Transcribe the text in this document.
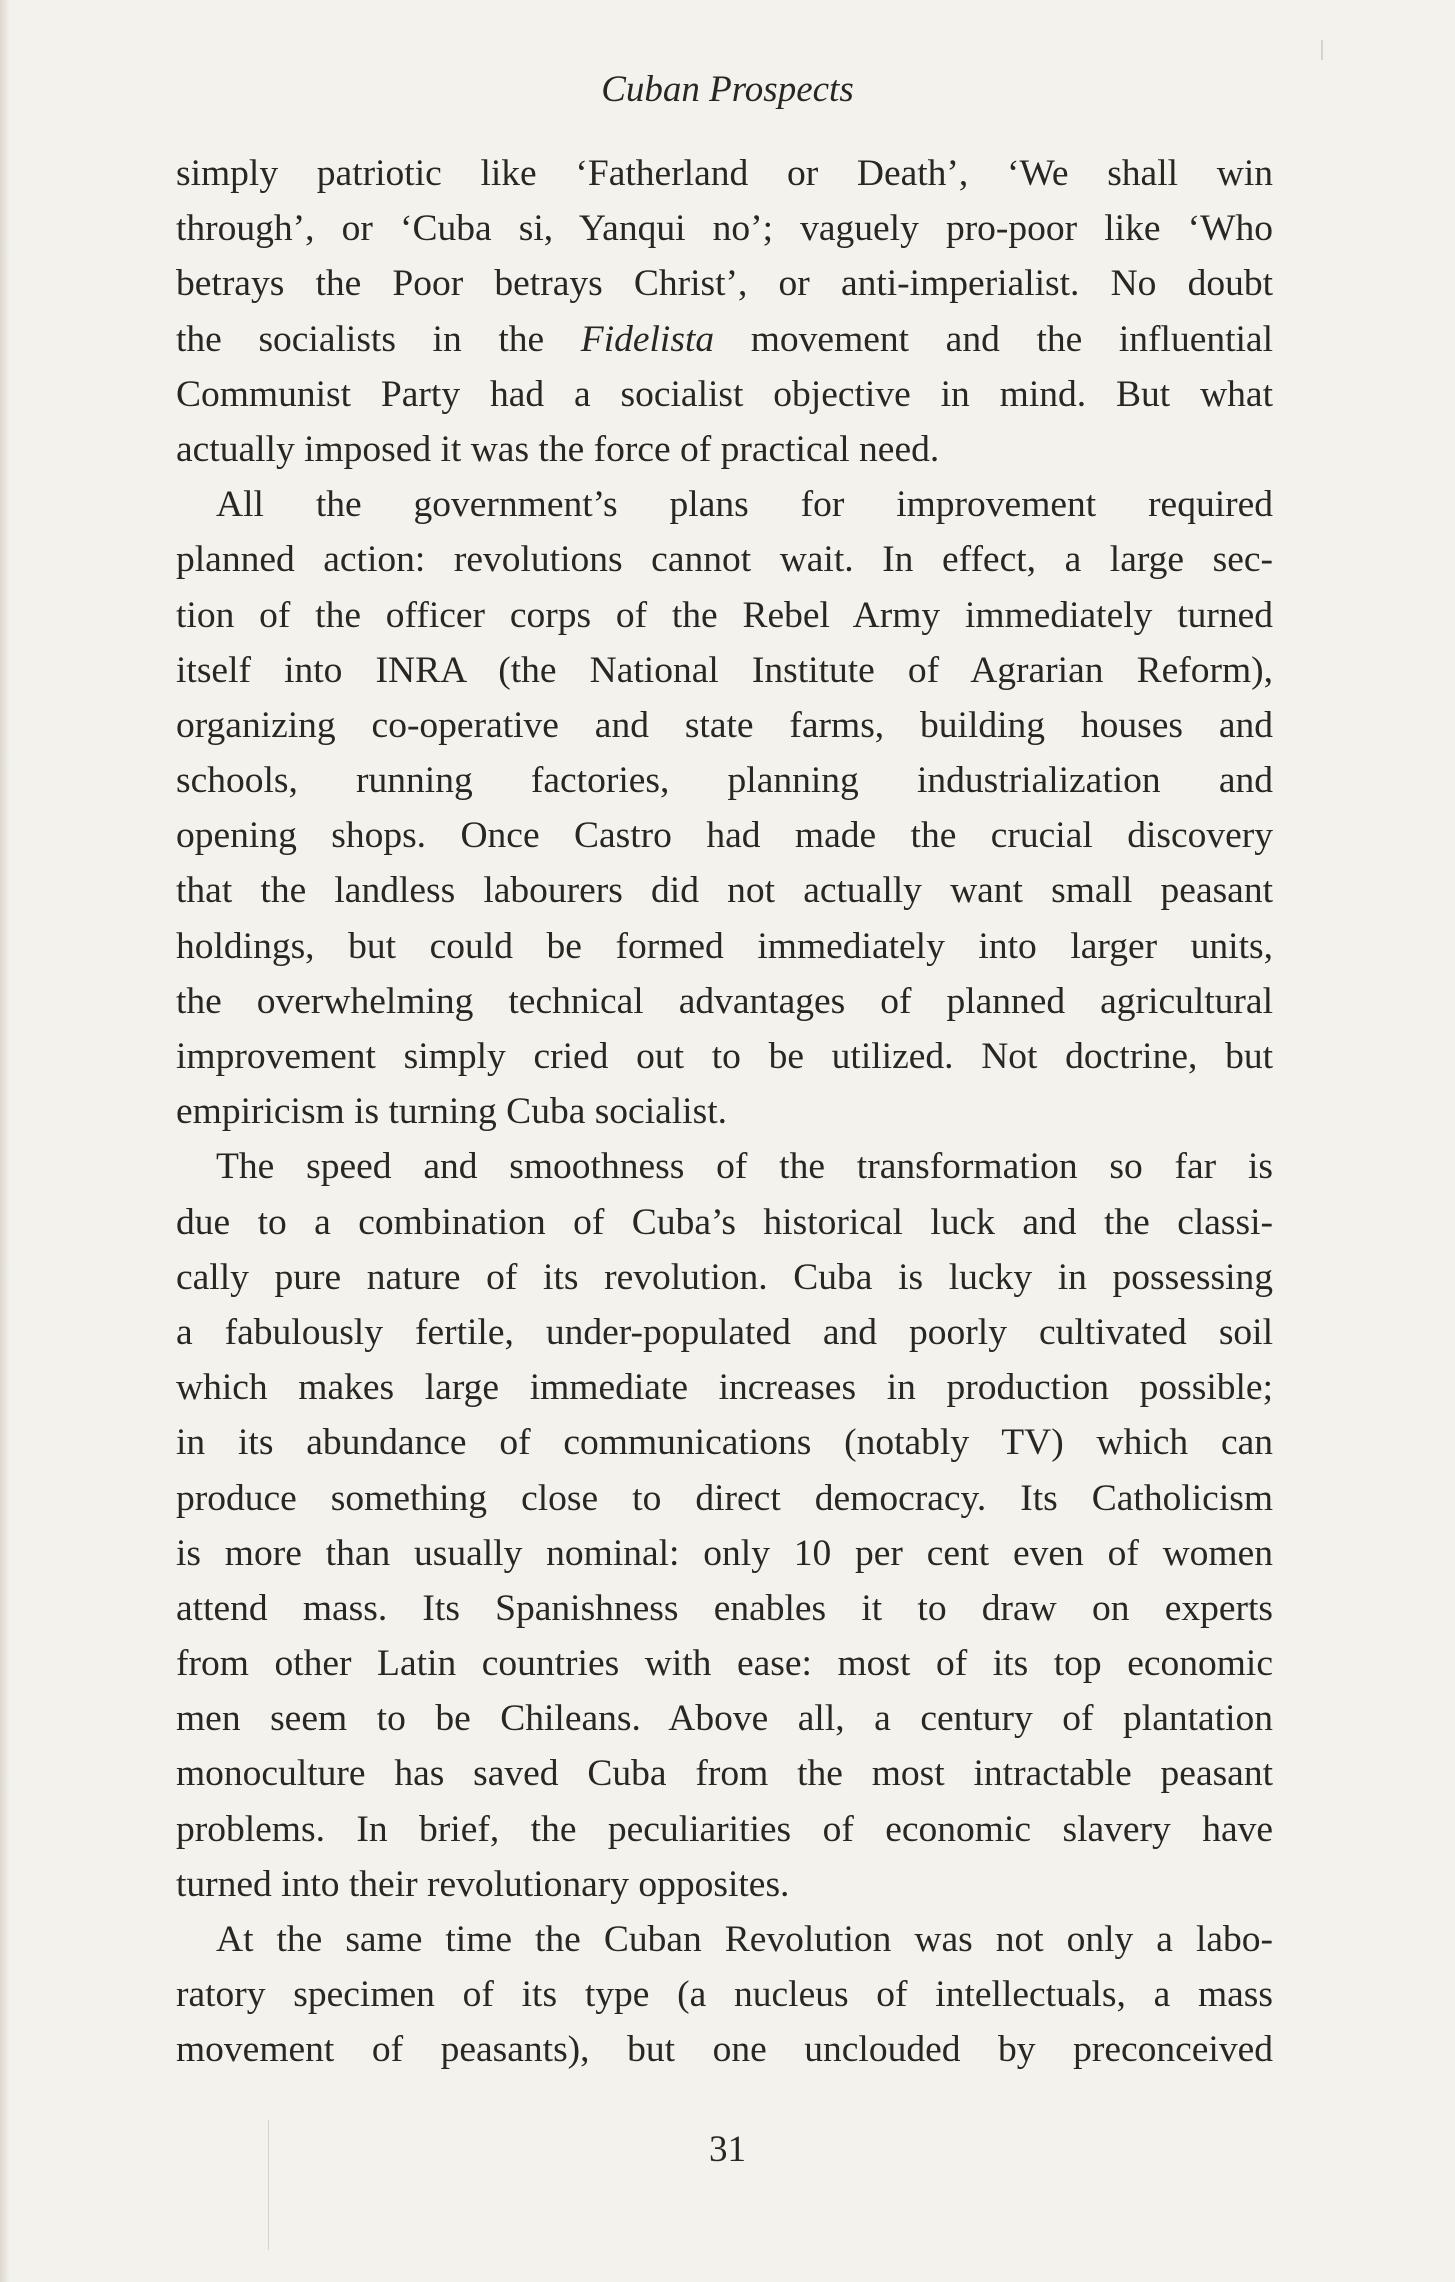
Cuban Prospects
simply patriotic like ‘Fatherland or Death’, ‘We shall win
through’, or ‘Cuba si, Yanqui no’; vaguely pro-poor like ‘Who
betrays the Poor betrays Christ’, or anti-imperialist. No doubt
the socialists in the Fidelista movement and the influential
Communist Party had a socialist objective in mind. But what
actually imposed it was the force of practical need.
All the government’s plans for improvement required
planned action: revolutions cannot wait. In effect, a large sec-
tion of the officer corps of the Rebel Army immediately turned
itself into INRA (the National Institute of Agrarian Reform),
organizing co-operative and state farms, building houses and
schools, running factories, planning industrialization and
opening shops. Once Castro had made the crucial discovery
that the landless labourers did not actually want small peasant
holdings, but could be formed immediately into larger units,
the overwhelming technical advantages of planned agricultural
improvement simply cried out to be utilized. Not doctrine, but
empiricism is turning Cuba socialist.
The speed and smoothness of the transformation so far is
due to a combination of Cuba’s historical luck and the classi-
cally pure nature of its revolution. Cuba is lucky in possessing
a fabulously fertile, under-populated and poorly cultivated soil
which makes large immediate increases in production possible;
in its abundance of communications (notably TV) which can
produce something close to direct democracy. Its Catholicism
is more than usually nominal: only 10 per cent even of women
attend mass. Its Spanishness enables it to draw on experts
from other Latin countries with ease: most of its top economic
men seem to be Chileans. Above all, a century of plantation
monoculture has saved Cuba from the most intractable peasant
problems. In brief, the peculiarities of economic slavery have
turned into their revolutionary opposites.
At the same time the Cuban Revolution was not only a labo-
ratory specimen of its type (a nucleus of intellectuals, a mass
movement of peasants), but one unclouded by preconceived
31
